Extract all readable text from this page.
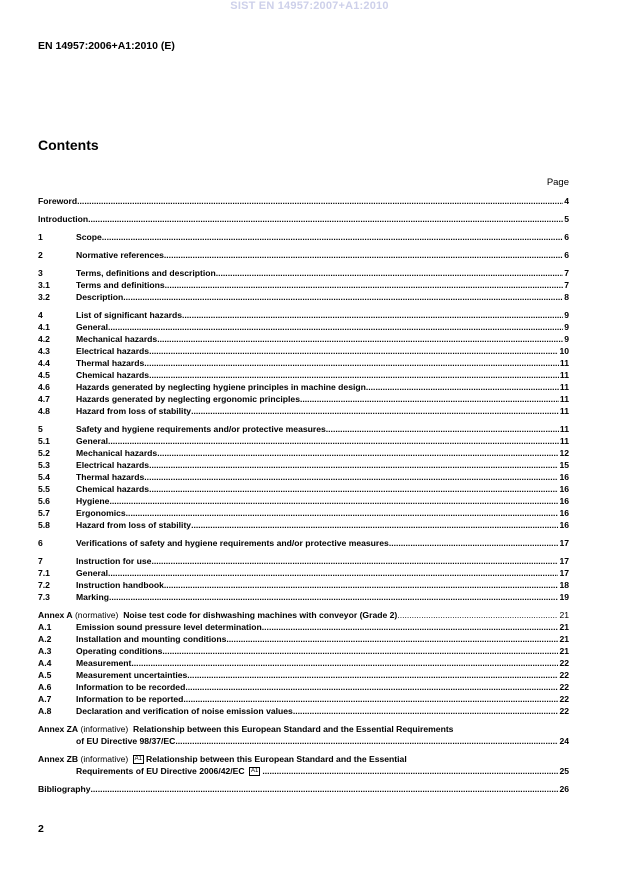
SIST EN 14957:2007+A1:2010
EN 14957:2006+A1:2010 (E)
Contents
Page
Foreword .....	4
Introduction .....	5
1	Scope .....	6
2	Normative references .....	6
3	Terms, definitions and description .....	7
3.1	Terms and definitions .....	7
3.2	Description .....	8
4	List of significant hazards .....	9
4.1	General .....	9
4.2	Mechanical hazards .....	9
4.3	Electrical hazards .....	10
4.4	Thermal hazards .....	11
4.5	Chemical hazards .....	11
4.6	Hazards generated by neglecting hygiene principles in machine design .....	11
4.7	Hazards generated by neglecting ergonomic principles .....	11
4.8	Hazard from loss of stability .....	11
5	Safety and hygiene requirements and/or protective measures .....	11
5.1	General .....	11
5.2	Mechanical hazards .....	12
5.3	Electrical hazards .....	15
5.4	Thermal hazards .....	16
5.5	Chemical hazards .....	16
5.6	Hygiene .....	16
5.7	Ergonomics .....	16
5.8	Hazard from loss of stability .....	16
6	Verifications of safety and hygiene requirements and/or protective measures .....	17
7	Instruction for use .....	17
7.1	General .....	17
7.2	Instruction handbook .....	18
7.3	Marking .....	19
Annex A (normative) Noise test code for dishwashing machines with conveyor (Grade 2) .....	21
A.1	Emission sound pressure level determination .....	21
A.2	Installation and mounting conditions .....	21
A.3	Operating conditions .....	21
A.4	Measurement .....	22
A.5	Measurement uncertainties .....	22
A.6	Information to be recorded .....	22
A.7	Information to be reported .....	22
A.8	Declaration and verification of noise emission values .....	22
Annex ZA (informative) Relationship between this European Standard and the Essential Requirements
of EU Directive 98/37/EC .....	24
Annex ZB (informative) A1 Relationship between this European Standard and the Essential
Requirements of EU Directive 2006/42/EC A1 .....	25
Bibliography .....	26
2
